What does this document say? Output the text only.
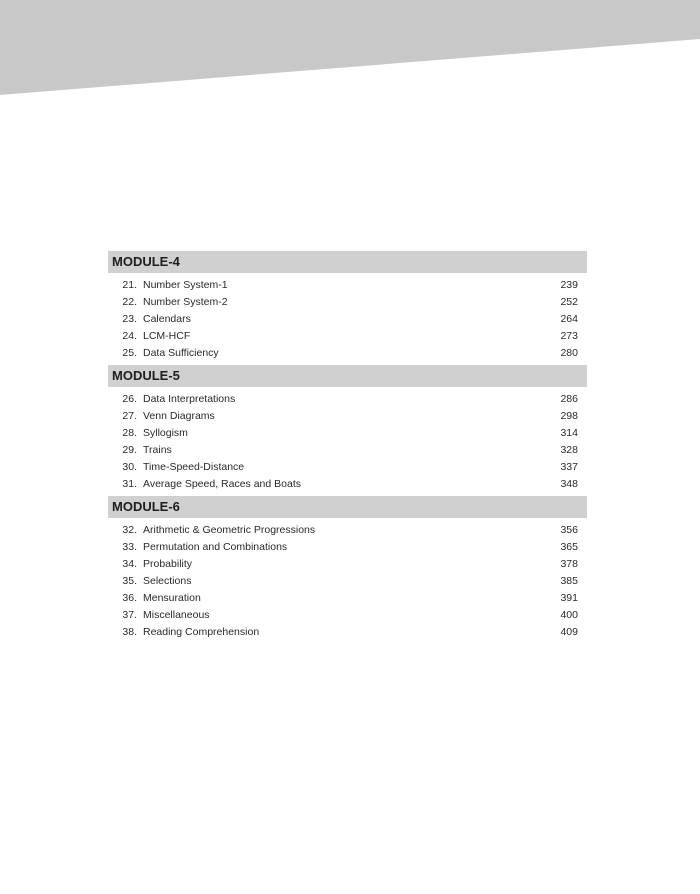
MODULE-4
21. Number System-1	239
22. Number System-2	252
23. Calendars	264
24. LCM-HCF	273
25. Data Sufficiency	280
MODULE-5
26. Data Interpretations	286
27. Venn Diagrams	298
28. Syllogism	314
29. Trains	328
30. Time-Speed-Distance	337
31. Average Speed, Races and Boats	348
MODULE-6
32. Arithmetic & Geometric Progressions	356
33. Permutation and Combinations	365
34. Probability	378
35. Selections	385
36. Mensuration	391
37. Miscellaneous	400
38. Reading Comprehension	409
